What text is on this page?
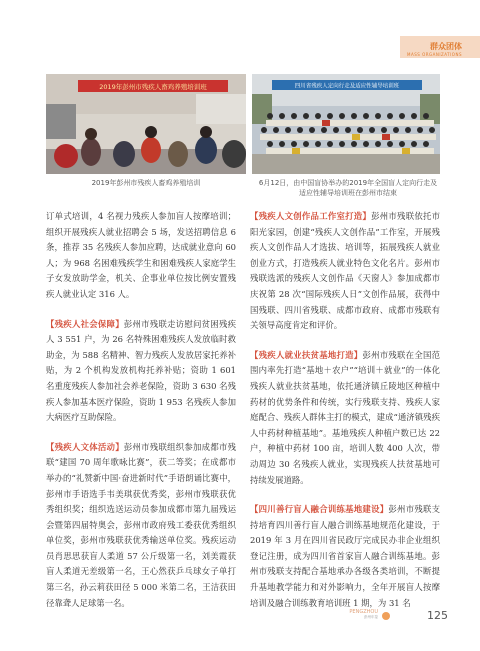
群众团体
MASS ORGANIZATIONS
2019年彭州市残疾人畜鸡养殖培训班
2019年彭州市残疾人畜鸡养殖培训
四川省残疾人定向行走及适应性辅导培训班
6月12日，由中国盲协举办的2019年全国盲人定向行走及适应性辅导培训班在彭州市结束

订单式培训，4 名视力残疾人参加盲人按摩培训；组织开展残疾人就业招聘会 5 场，发送招聘信息 6 条，推荐 35 名残疾人参加应聘，达成就业意向 60 人；为 968 名困难残疾学生和困难残疾人家庭学生子女发放助学金，机关、企事业单位按比例安置残疾人就业认定 316 人。

【残疾人社会保障】彭州市残联走访慰问贫困残疾人 3 551 户，为 26 名特殊困难残疾人发放临时救助金，为 588 名精神、智力残疾人发放居家托养补贴，为 2 个机构发放机构托养补贴；资助 1 601 名重度残疾人参加社会养老保险，资助 3 630 名残疾人参加基本医疗保险，资助 1 953 名残疾人参加大病医疗互助保险。

【残疾人文体活动】彭州市残联组织参加成都市残联“建国 70 周年歌咏比赛”，获二等奖；在成都市举办的“礼赞新中国·奋进新时代”手语朗诵比赛中，彭州市手语选手韦美琪获优秀奖，彭州市残联获优秀组织奖；组织选送运动员参加成都市第九届残运会暨第四届特奥会，彭州市政府残工委获优秀组织单位奖，彭州市残联获优秀输送单位奖。残疾运动员肖思思获盲人柔道 57 公斤级第一名，刘美霞获盲人柔道无差级第一名，王心然获乒乓球女子单打第三名，孙云莉获田径 5 000 米第二名，王洁获田径靠聋人足球第一名。

【残疾人文创作品工作室打造】彭州市残联依托市阳光家园，创建“残疾人文创作品”工作室，开展残疾人文创作品人才选拔、培训等，拓展残疾人就业创业方式，打造残疾人就业特色文化名片。彭州市残联选派的残疾人文创作品《天窗人》参加成都市庆祝第 28 次“国际残疾人日”文创作品展，获得中国残联、四川省残联、成都市政府、成都市残联有关领导高度肯定和评价。

【残疾人就业扶贫基地打造】彭州市残联在全国范围内率先打造“基地＋农户”“培训＋就业”的一体化残疾人就业扶贫基地，依托通济镇丘陵地区种植中药材的优势条件和传统，实行残联支持、残疾人家庭配合、残疾人群体主打的模式，建成“通济镇残疾人中药材种植基地”。基地残疾人种植户数已达 22 户，种植中药材 100 亩，培训人数 400 人次，带动周边 30 名残疾人就业，实现残疾人扶贫基地可持续发展道路。

【四川善行盲人融合训练基地建设】彭州市残联支持培育四川善行盲人融合训练基地规范化建设，于 2019 年 3 月在四川省民政厅完成民办非企业组织登记注册，成为四川省首家盲人融合训练基地。彭州市残联支持配合基地承办各级各类培训，不断提升基地教学能力和对外影响力，全年开展盲人按摩培训及融合训练教育培训班 1 期，为 31 名

PENGZHOU
彭州年鉴	125
